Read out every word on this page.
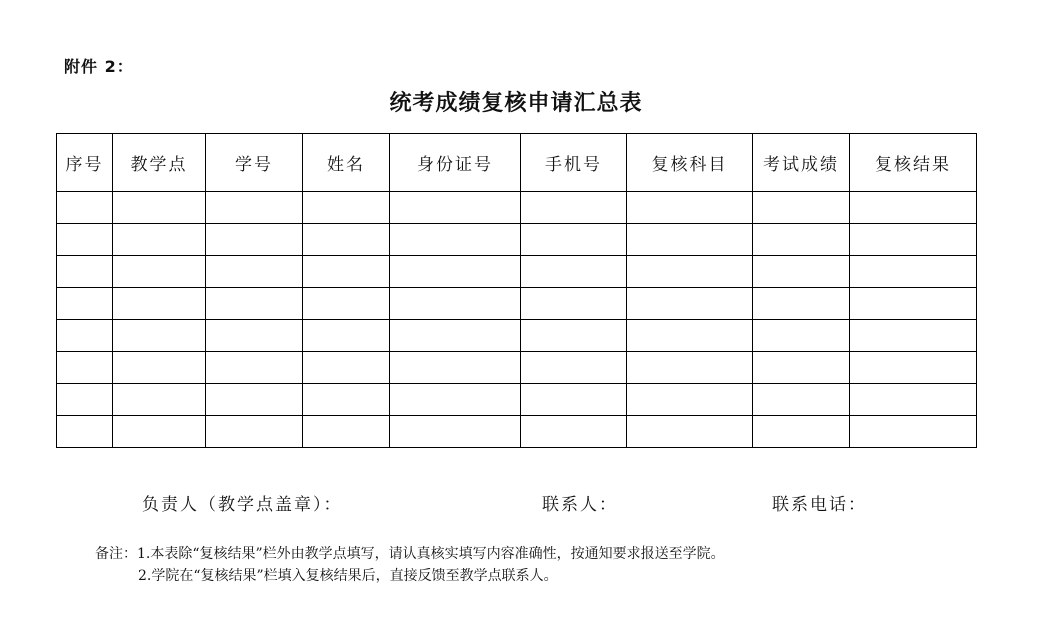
附件 2：
统考成绩复核申请汇总表
序号	教学点	学号	姓名	身份证号	手机号	复核科目	考试成绩	复核结果

负责人（教学点盖章）：	联系人：	联系电话：
备注：1.本表除“复核结果”栏外由教学点填写，请认真核实填写内容准确性，按通知要求报送至学院。
2.学院在“复核结果”栏填入复核结果后，直接反馈至教学点联系人。
